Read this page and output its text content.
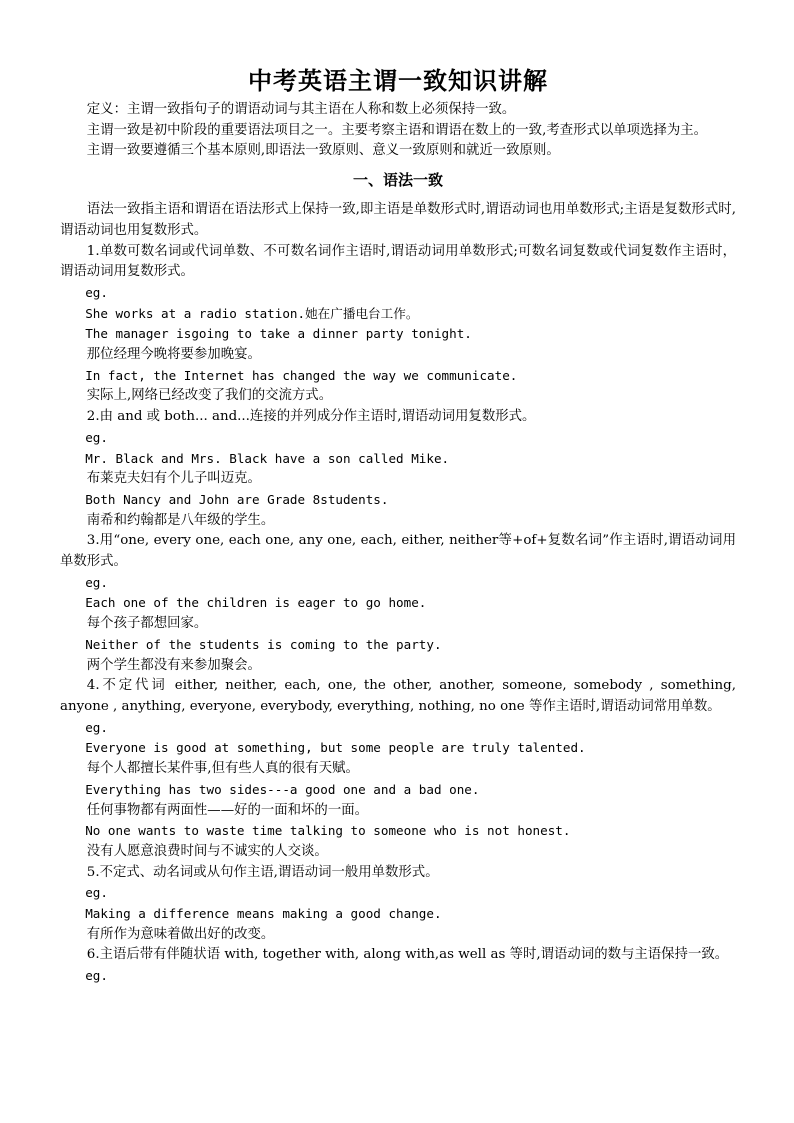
中考英语主谓一致知识讲解

定义：主谓一致指句子的谓语动词与其主语在人称和数上必须保持一致。

主谓一致是初中阶段的重要语法项目之一。主要考察主语和谓语在数上的一致,考查形式以单项选择为主。

主谓一致要遵循三个基本原则,即语法一致原则、意义一致原则和就近一致原则。

一、语法一致

语法一致指主语和谓语在语法形式上保持一致,即主语是单数形式时,谓语动词也用单数形式;主语是复数形式时,谓语动词也用复数形式。

1.单数可数名词或代词单数、不可数名词作主语时,谓语动词用单数形式;可数名词复数或代词复数作主语时，谓语动词用复数形式。

eg.

She works at a radio station.她在广播电台工作。

The manager isgoing to take a dinner party tonight.

那位经理今晚将要参加晚宴。

In fact, the Internet has changed the way we communicate.

实际上,网络已经改变了我们的交流方式。

2.由 and 或 both... and...连接的并列成分作主语时,谓语动词用复数形式。

eg.

Mr. Black and Mrs. Black have a son called Mike.

布莱克夫妇有个儿子叫迈克。

Both Nancy and John are Grade 8students.

南希和约翰都是八年级的学生。

3.用“one, every one, each one, any one, each, either, neither等+of+复数名词”作主语时,谓语动词用单数形式。

eg.

Each one of the children is eager to go home.

每个孩子都想回家。

Neither of the students is coming to the party.

两个学生都没有来参加聚会。

4.不定代词 either, neither, each, one, the other, another, someone, somebody , something, anyone , anything, everyone, everybody, everything, nothing, no one 等作主语时,谓语动词常用单数。

eg.

Everyone is good at something, but some people are truly talented.

每个人都擅长某件事,但有些人真的很有天赋。

Everything has two sides---a good one and a bad one.

任何事物都有两面性——好的一面和坏的一面。

No one wants to waste time talking to someone who is not honest.

没有人愿意浪费时间与不诚实的人交谈。

5.不定式、动名词或从句作主语,谓语动词一般用单数形式。

eg.

Making a difference means making a good change.

有所作为意味着做出好的改变。

6.主语后带有伴随状语 with, together with, along with,as well as 等时,谓语动词的数与主语保持一致。

eg.
